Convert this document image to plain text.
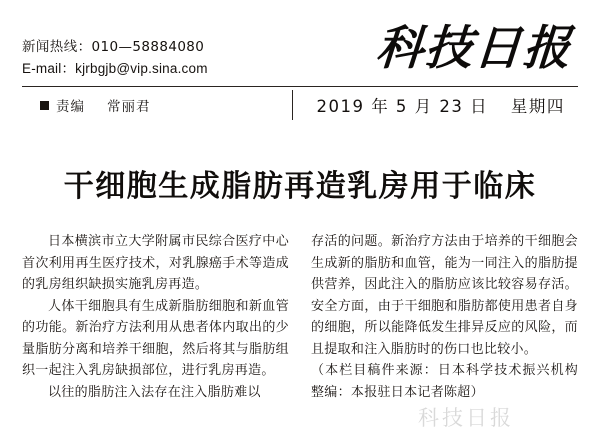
新闻热线：010—58884080
E-mail：kjrbgjb@vip.sina.com	科技日报
责编 常丽君	2019 年 5 月 23 日 星期四
干细胞生成脂肪再造乳房用于临床

日本横滨市立大学附属市民综合医疗中心首次利用再生医疗技术，对乳腺癌手术等造成的乳房组织缺损实施乳房再造。

人体干细胞具有生成新脂肪细胞和新血管的功能。新治疗方法利用从患者体内取出的少量脂肪分离和培养干细胞，然后将其与脂肪组织一起注入乳房缺损部位，进行乳房再造。

以往的脂肪注入法存在注入脂肪难以

存活的问题。新治疗方法由于培养的干细胞会生成新的脂肪和血管，能为一同注入的脂肪提供营养，因此注入的脂肪应该比较容易存活。安全方面，由于干细胞和脂肪都使用患者自身的细胞，所以能降低发生排异反应的风险，而且提取和注入脂肪时的伤口也比较小。

（本栏目稿件来源：日本科学技术振兴机构 整编：本报驻日本记者陈超）

科技日报
